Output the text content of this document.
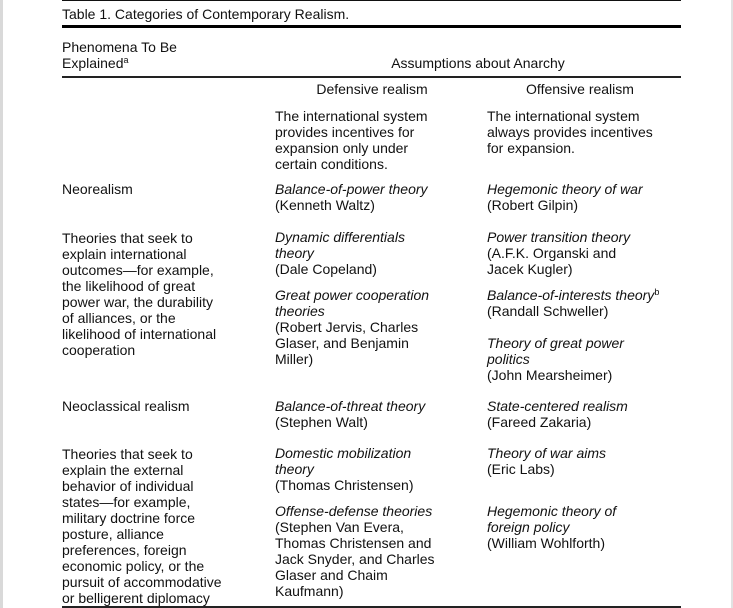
Table 1. Categories of Contemporary Realism.
Phenomena To Be
Explained$^a$	Assumptions about Anarchy
Defensive realism	Offensive realism
The international system
provides incentives for
expansion only under
certain conditions.
The international system
always provides incentives
for expansion.
Neorealism
Theories that seek to
explain international
outcomes—for example,
the likelihood of great
power war, the durability
of alliances, or the
likelihood of international
cooperation
Balance-of-power theory
(Kenneth Waltz)
Dynamic differentials
theory
(Dale Copeland)
Great power cooperation
theories
(Robert Jervis, Charles
Glaser, and Benjamin
Miller)
Hegemonic theory of war
(Robert Gilpin)
Power transition theory
(A.F.K. Organski and
Jacek Kugler)
Balance-of-interests theory$^b$
(Randall Schweller)
Theory of great power
politics
(John Mearsheimer)
Neoclassical realism
Theories that seek to
explain the external
behavior of individual
states—for example,
military doctrine force
posture, alliance
preferences, foreign
economic policy, or the
pursuit of accommodative
or belligerent diplomacy
Balance-of-threat theory
(Stephen Walt)
Domestic mobilization
theory
(Thomas Christensen)
Offense-defense theories
(Stephen Van Evera,
Thomas Christensen and
Jack Snyder, and Charles
Glaser and Chaim
Kaufmann)
State-centered realism
(Fareed Zakaria)
Theory of war aims
(Eric Labs)
Hegemonic theory of
foreign policy
(William Wohlforth)
